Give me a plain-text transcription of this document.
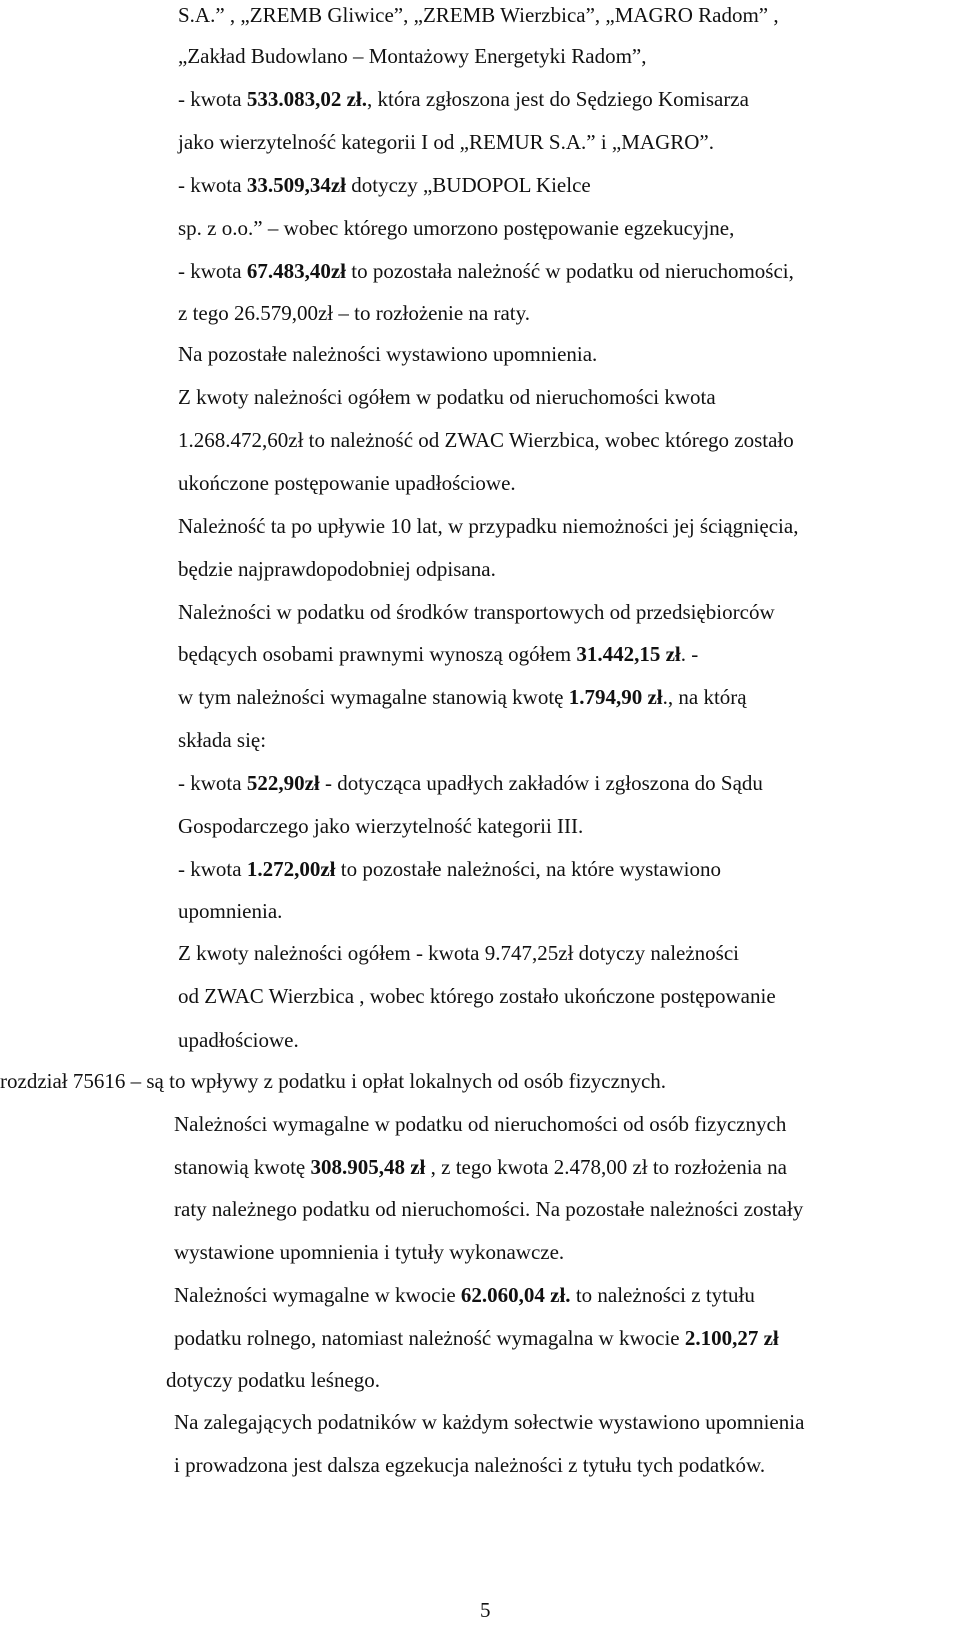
S.A.” , „ZREMB Gliwice”, „ZREMB Wierzbica”, „MAGRO Radom” ,
„Zakład Budowlano – Montażowy Energetyki Radom”,
- kwota 533.083,02 zł., która zgłoszona jest do Sędziego Komisarza
jako wierzytelność kategorii I od „REMUR S.A.” i „MAGRO”.
- kwota 33.509,34zł dotyczy „BUDOPOL Kielce
sp. z o.o.” – wobec którego umorzono postępowanie egzekucyjne,
- kwota 67.483,40zł to pozostała należność w podatku od nieruchomości,
z tego 26.579,00zł – to rozłożenie na raty.
Na pozostałe należności wystawiono upomnienia.
Z kwoty należności ogółem w podatku od nieruchomości kwota
1.268.472,60zł to należność od ZWAC Wierzbica, wobec którego zostało
ukończone postępowanie upadłościowe.
Należność ta po upływie 10 lat, w przypadku niemożności jej ściągnięcia,
będzie najprawdopodobniej odpisana.
Należności w podatku od środków transportowych od przedsiębiorców
będących osobami prawnymi wynoszą ogółem 31.442,15 zł. -
w tym należności wymagalne stanowią kwotę 1.794,90 zł., na którą
składa się:
- kwota 522,90zł - dotycząca upadłych zakładów i zgłoszona do Sądu
Gospodarczego jako wierzytelność kategorii III.
- kwota 1.272,00zł to pozostałe należności, na które wystawiono
upomnienia.
Z kwoty należności ogółem - kwota 9.747,25zł dotyczy należności
od ZWAC Wierzbica , wobec którego zostało ukończone postępowanie
upadłościowe.
rozdział 75616 – są to wpływy z podatku i opłat lokalnych od osób fizycznych.
Należności wymagalne w podatku od nieruchomości od osób fizycznych
stanowią kwotę 308.905,48 zł , z tego kwota 2.478,00 zł to rozłożenia na
raty należnego podatku od nieruchomości. Na pozostałe należności zostały
wystawione upomnienia i tytuły wykonawcze.
Należności wymagalne w kwocie 62.060,04 zł. to należności z tytułu
podatku rolnego, natomiast należność wymagalna w kwocie 2.100,27 zł
dotyczy podatku leśnego.
Na zalegających podatników w każdym sołectwie wystawiono upomnienia
i prowadzona jest dalsza egzekucja należności z tytułu tych podatków.
5
